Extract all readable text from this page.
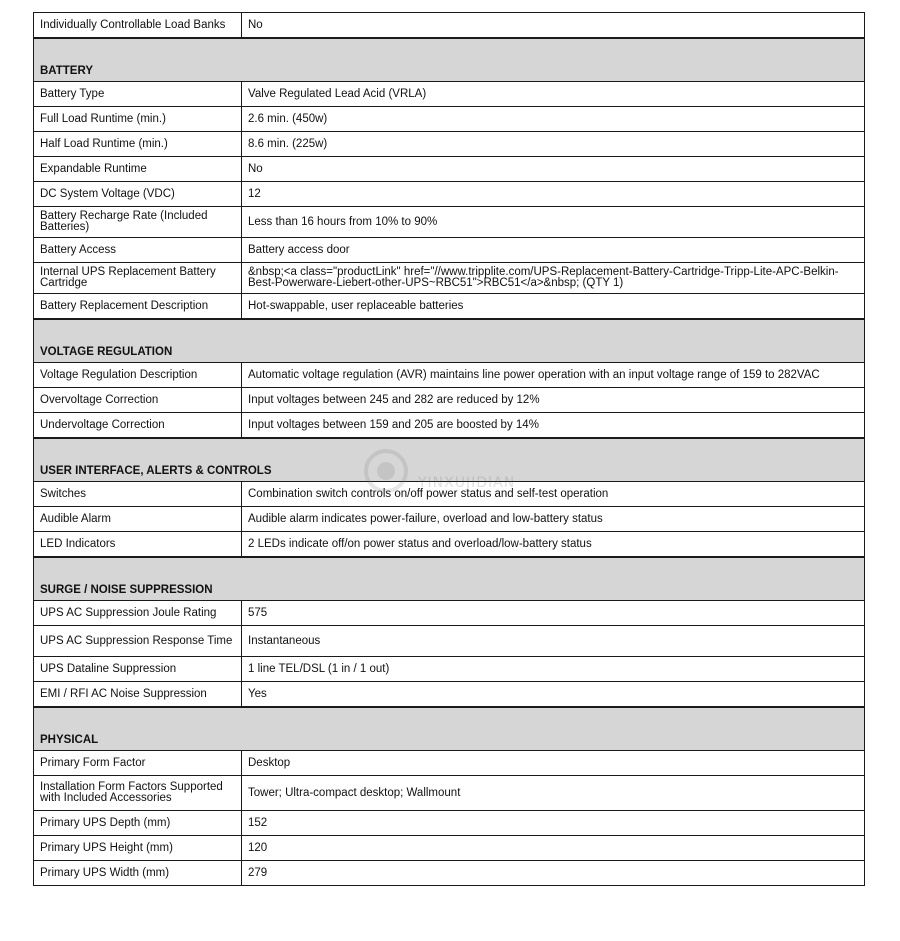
Individually Controllable Load Banks	No
BATTERY	
Battery Type	Valve Regulated Lead Acid (VRLA)
Full Load Runtime (min.)	2.6 min. (450w)
Half Load Runtime (min.)	8.6 min. (225w)
Expandable Runtime	No
DC System Voltage (VDC)	12
Battery Recharge Rate (Included Batteries)	Less than 16 hours from 10% to 90%
Battery Access	Battery access door
Internal UPS Replacement Battery Cartridge	&nbsp;<a class="productLink" href="//www.tripplite.com/UPS-Replacement-Battery-Cartridge-Tripp-Lite-APC-Belkin-Best-Powerware-Liebert-other-UPS~RBC51">RBC51</a>&nbsp; (QTY 1)
Battery Replacement Description	Hot-swappable, user replaceable batteries
VOLTAGE REGULATION	
Voltage Regulation Description	Automatic voltage regulation (AVR) maintains line power operation with an input voltage range of 159 to 282VAC
Overvoltage Correction	Input voltages between 245 and 282 are reduced by 12%
Undervoltage Correction	Input voltages between 159 and 205 are boosted by 14%
USER INTERFACE, ALERTS & CONTROLS	
Switches	Combination switch controls on/off power status and self-test operation
Audible Alarm	Audible alarm indicates power-failure, overload and low-battery status
LED Indicators	2 LEDs indicate off/on power status and overload/low-battery status
SURGE / NOISE SUPPRESSION	
UPS AC Suppression Joule Rating	575
UPS AC Suppression Response Time	Instantaneous
UPS Dataline Suppression	1 line TEL/DSL (1 in / 1 out)
EMI / RFI AC Noise Suppression	Yes
PHYSICAL	
Primary Form Factor	Desktop
Installation Form Factors Supported with Included Accessories	Tower; Ultra-compact desktop; Wallmount
Primary UPS Depth (mm)	152
Primary UPS Height (mm)	120
Primary UPS Width (mm)	279
YINXUJIDIAN
